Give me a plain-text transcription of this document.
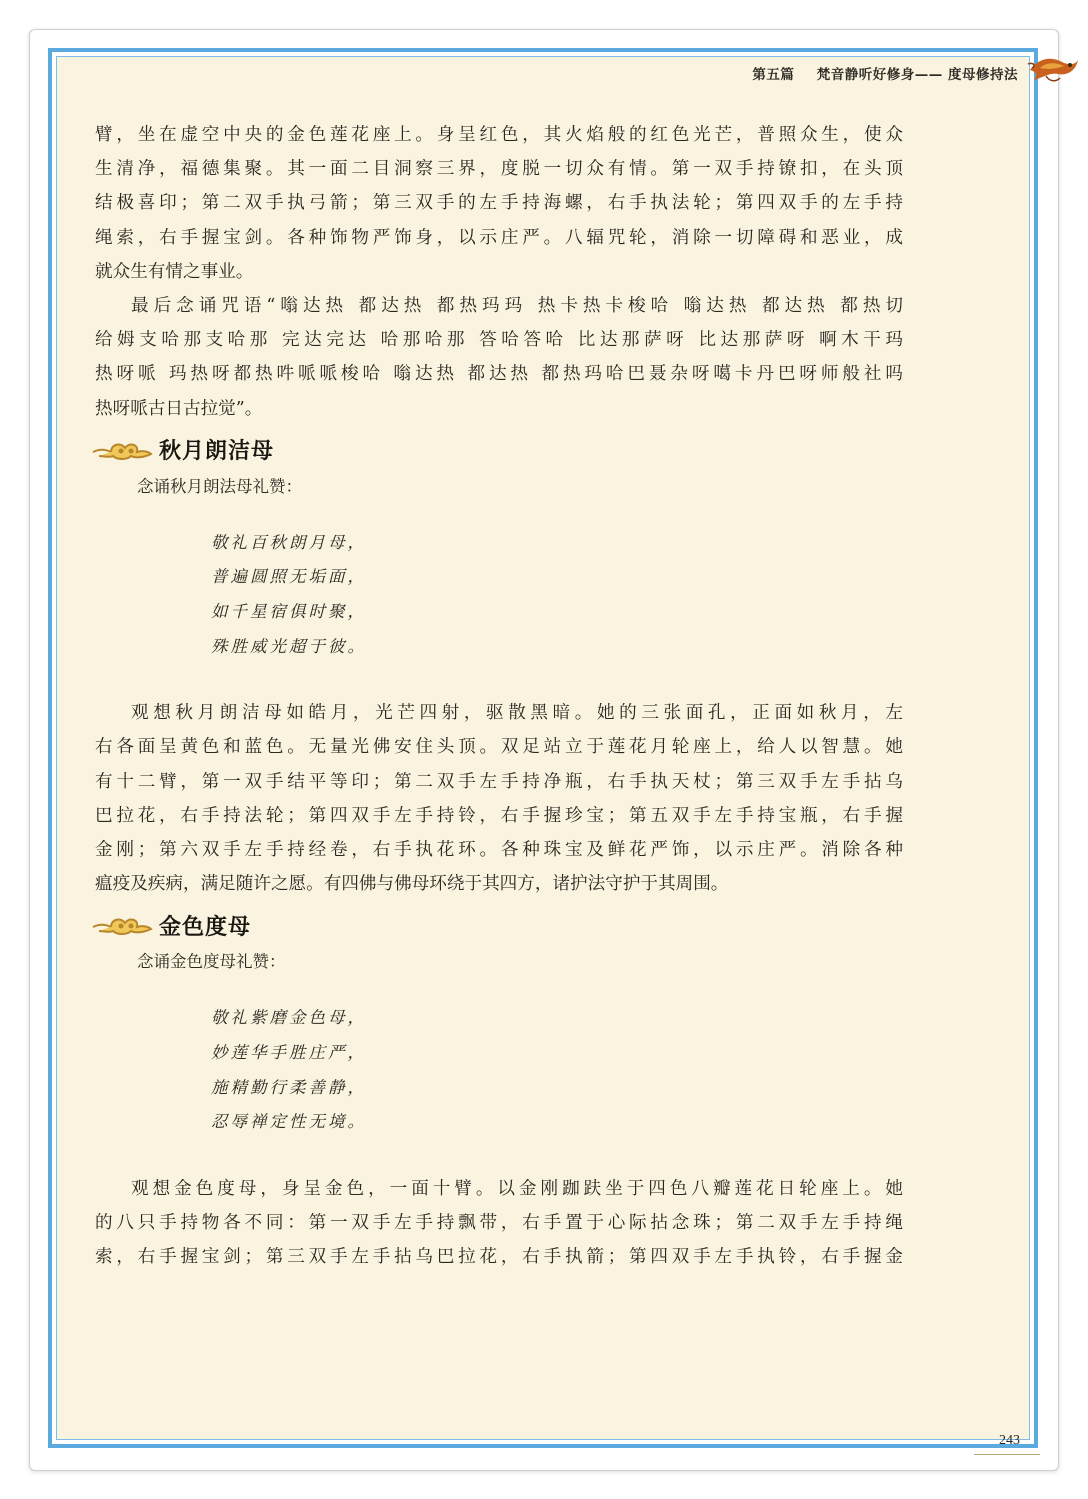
第五篇 梵音静听好修身—— 度母修持法

臂，坐在虚空中央的金色莲花座上。身呈红色，其火焰般的红色光芒，普照众生，使众

生清净，福德集聚。其一面二目洞察三界，度脱一切众有情。第一双手持镣扣，在头顶

结极喜印；第二双手执弓箭；第三双手的左手持海螺，右手执法轮；第四双手的左手持

绳索，右手握宝剑。各种饰物严饰身，以示庄严。八辐咒轮，消除一切障碍和恶业，成

就众生有情之事业。

最后念诵咒语“嗡达热 都达热 都热玛玛 热卡热卡梭哈 嗡达热 都达热 都热切

给姆支哈那支哈那 完达完达 哈那哈那 答哈答哈 比达那萨呀 比达那萨呀 啊木干玛

热呀哌 玛热呀都热吽哌哌梭哈 嗡达热 都达热 都热玛哈巴聂杂呀噶卡丹巴呀师般社吗

热呀哌古日古拉觉”。

秋月朗洁母
念诵秋月朗法母礼赞：
敬礼百秋朗月母，
普遍圆照无垢面，
如千星宿俱时聚，
殊胜威光超于彼。

观想秋月朗洁母如皓月，光芒四射，驱散黑暗。她的三张面孔，正面如秋月，左

右各面呈黄色和蓝色。无量光佛安住头顶。双足站立于莲花月轮座上，给人以智慧。她

有十二臂，第一双手结平等印；第二双手左手持净瓶，右手执天杖；第三双手左手拈乌

巴拉花，右手持法轮；第四双手左手持铃，右手握珍宝；第五双手左手持宝瓶，右手握

金刚；第六双手左手持经卷，右手执花环。各种珠宝及鲜花严饰，以示庄严。消除各种

瘟疫及疾病，满足随许之愿。有四佛与佛母环绕于其四方，诸护法守护于其周围。

金色度母
念诵金色度母礼赞：
敬礼紫磨金色母，
妙莲华手胜庄严，
施精勤行柔善静，
忍辱禅定性无境。

观想金色度母，身呈金色，一面十臂。以金刚跏趺坐于四色八瓣莲花日轮座上。她

的八只手持物各不同：第一双手左手持飘带，右手置于心际拈念珠；第二双手左手持绳

索，右手握宝剑；第三双手左手拈乌巴拉花，右手执箭；第四双手左手执铃，右手握金

243
